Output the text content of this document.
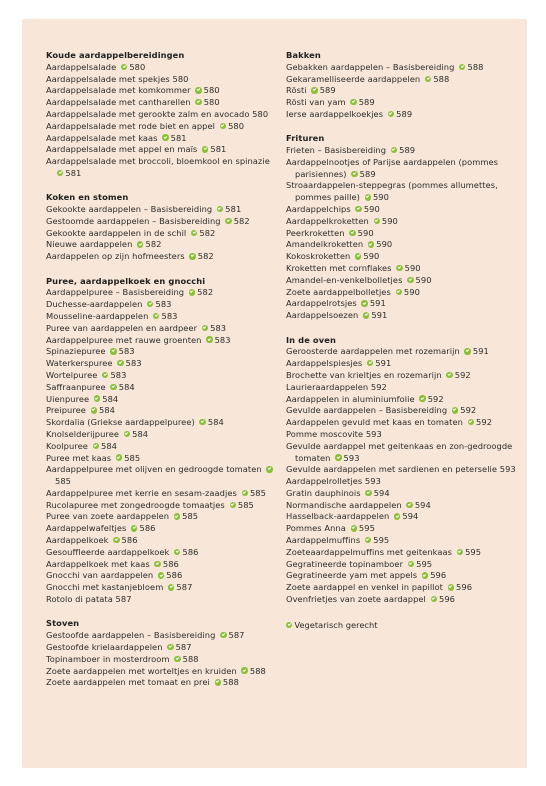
Koude aardappelbereidingen
Aardappelsalade 580
Aardappelsalade met spekjes 580
Aardappelsalade met komkommer 580
Aardappelsalade met cantharellen 580
Aardappelsalade met gerookte zalm en avocado 580
Aardappelsalade met rode biet en appel 580
Aardappelsalade met kaas 581
Aardappelsalade met appel en maïs 581
Aardappelsalade met broccoli, bloemkool en spinazie 581
Koken en stomen
Gekookte aardappelen – Basisbereiding 581
Gestoomde aardappelen – Basisbereiding 582
Gekookte aardappelen in de schil 582
Nieuwe aardappelen 582
Aardappelen op zijn hofmeesters 582
Puree, aardappelkoek en gnocchi
Aardappelpuree – Basisbereiding 582
Duchesse-aardappelen 583
Mousseline-aardappelen 583
Puree van aardappelen en aardpeer 583
Aardappelpuree met rauwe groenten 583
Spinaziepuree 583
Waterkerspuree 583
Wortelpuree 583
Saffraanpuree 584
Uienpuree 584
Preipuree 584
Skordalia (Griekse aardappelpuree) 584
Knolselderijpuree 584
Koolpuree 584
Puree met kaas 585
Aardappelpuree met olijven en gedroogde tomaten 585
Aardappelpuree met kerrie en sesam-zaadjes 585
Rucolapuree met zongedroogde tomaatjes 585
Puree van zoete aardappelen 585
Aardappelwafeltjes 586
Aardappelkoek 586
Gesouffleerde aardappelkoek 586
Aardappelkoek met kaas 586
Gnocchi van aardappelen 586
Gnocchi met kastanjebloem 587
Rotolo di patata 587
Stoven
Gestoofde aardappelen – Basisbereiding 587
Gestoofde krielaardappelen 587
Topinamboer in mosterdroom 588
Zoete aardappelen met worteltjes en kruiden 588
Zoete aardappelen met tomaat en prei 588
Bakken
Gebakken aardappelen – Basisbereiding 588
Gekaramelliseerde aardappelen 588
Rösti 589
Rösti van yam 589
Ierse aardappelkoekjes 589
Frituren
Frieten – Basisbereiding 589
Aardappelnootjes of Parijse aardappelen (pommes parisiennes) 589
Stroaardappelen-steppegras (pommes allumettes, pommes paille) 590
Aardappelchips 590
Aardappelkroketten 590
Peerkroketten 590
Amandelkroketten 590
Kokoskroketten 590
Kroketten met cornflakes 590
Amandel-en-venkelbolletjes 590
Zoete aardappelbolletjes 590
Aardappelrotsjes 591
Aardappelsoezen 591
In de oven
Geroosterde aardappelen met rozemarijn 591
Aardappelspiesjes 591
Brochette van krieltjes en rozemarijn 592
Laurieraardappelen 592
Aardappelen in aluminiumfolie 592
Gevulde aardappelen – Basisbereiding 592
Aardappelen gevuld met kaas en tomaten 592
Pomme moscovite 593
Gevulde aardappel met geitenkaas en zon-gedroogde tomaten 593
Gevulde aardappelen met sardienen en peterselie 593
Aardappelrolletjes 593
Gratin dauphinois 594
Normandische aardappelen 594
Hasselback-aardappelen 594
Pommes Anna 595
Aardappelmuffins 595
Zoeteaardappelmuffins met geitenkaas 595
Gegratineerde topinamboer 595
Gegratineerde yam met appels 596
Zoete aardappel en venkel in papillot 596
Ovenfrietjes van zoete aardappel 596
Vegetarisch gerecht
